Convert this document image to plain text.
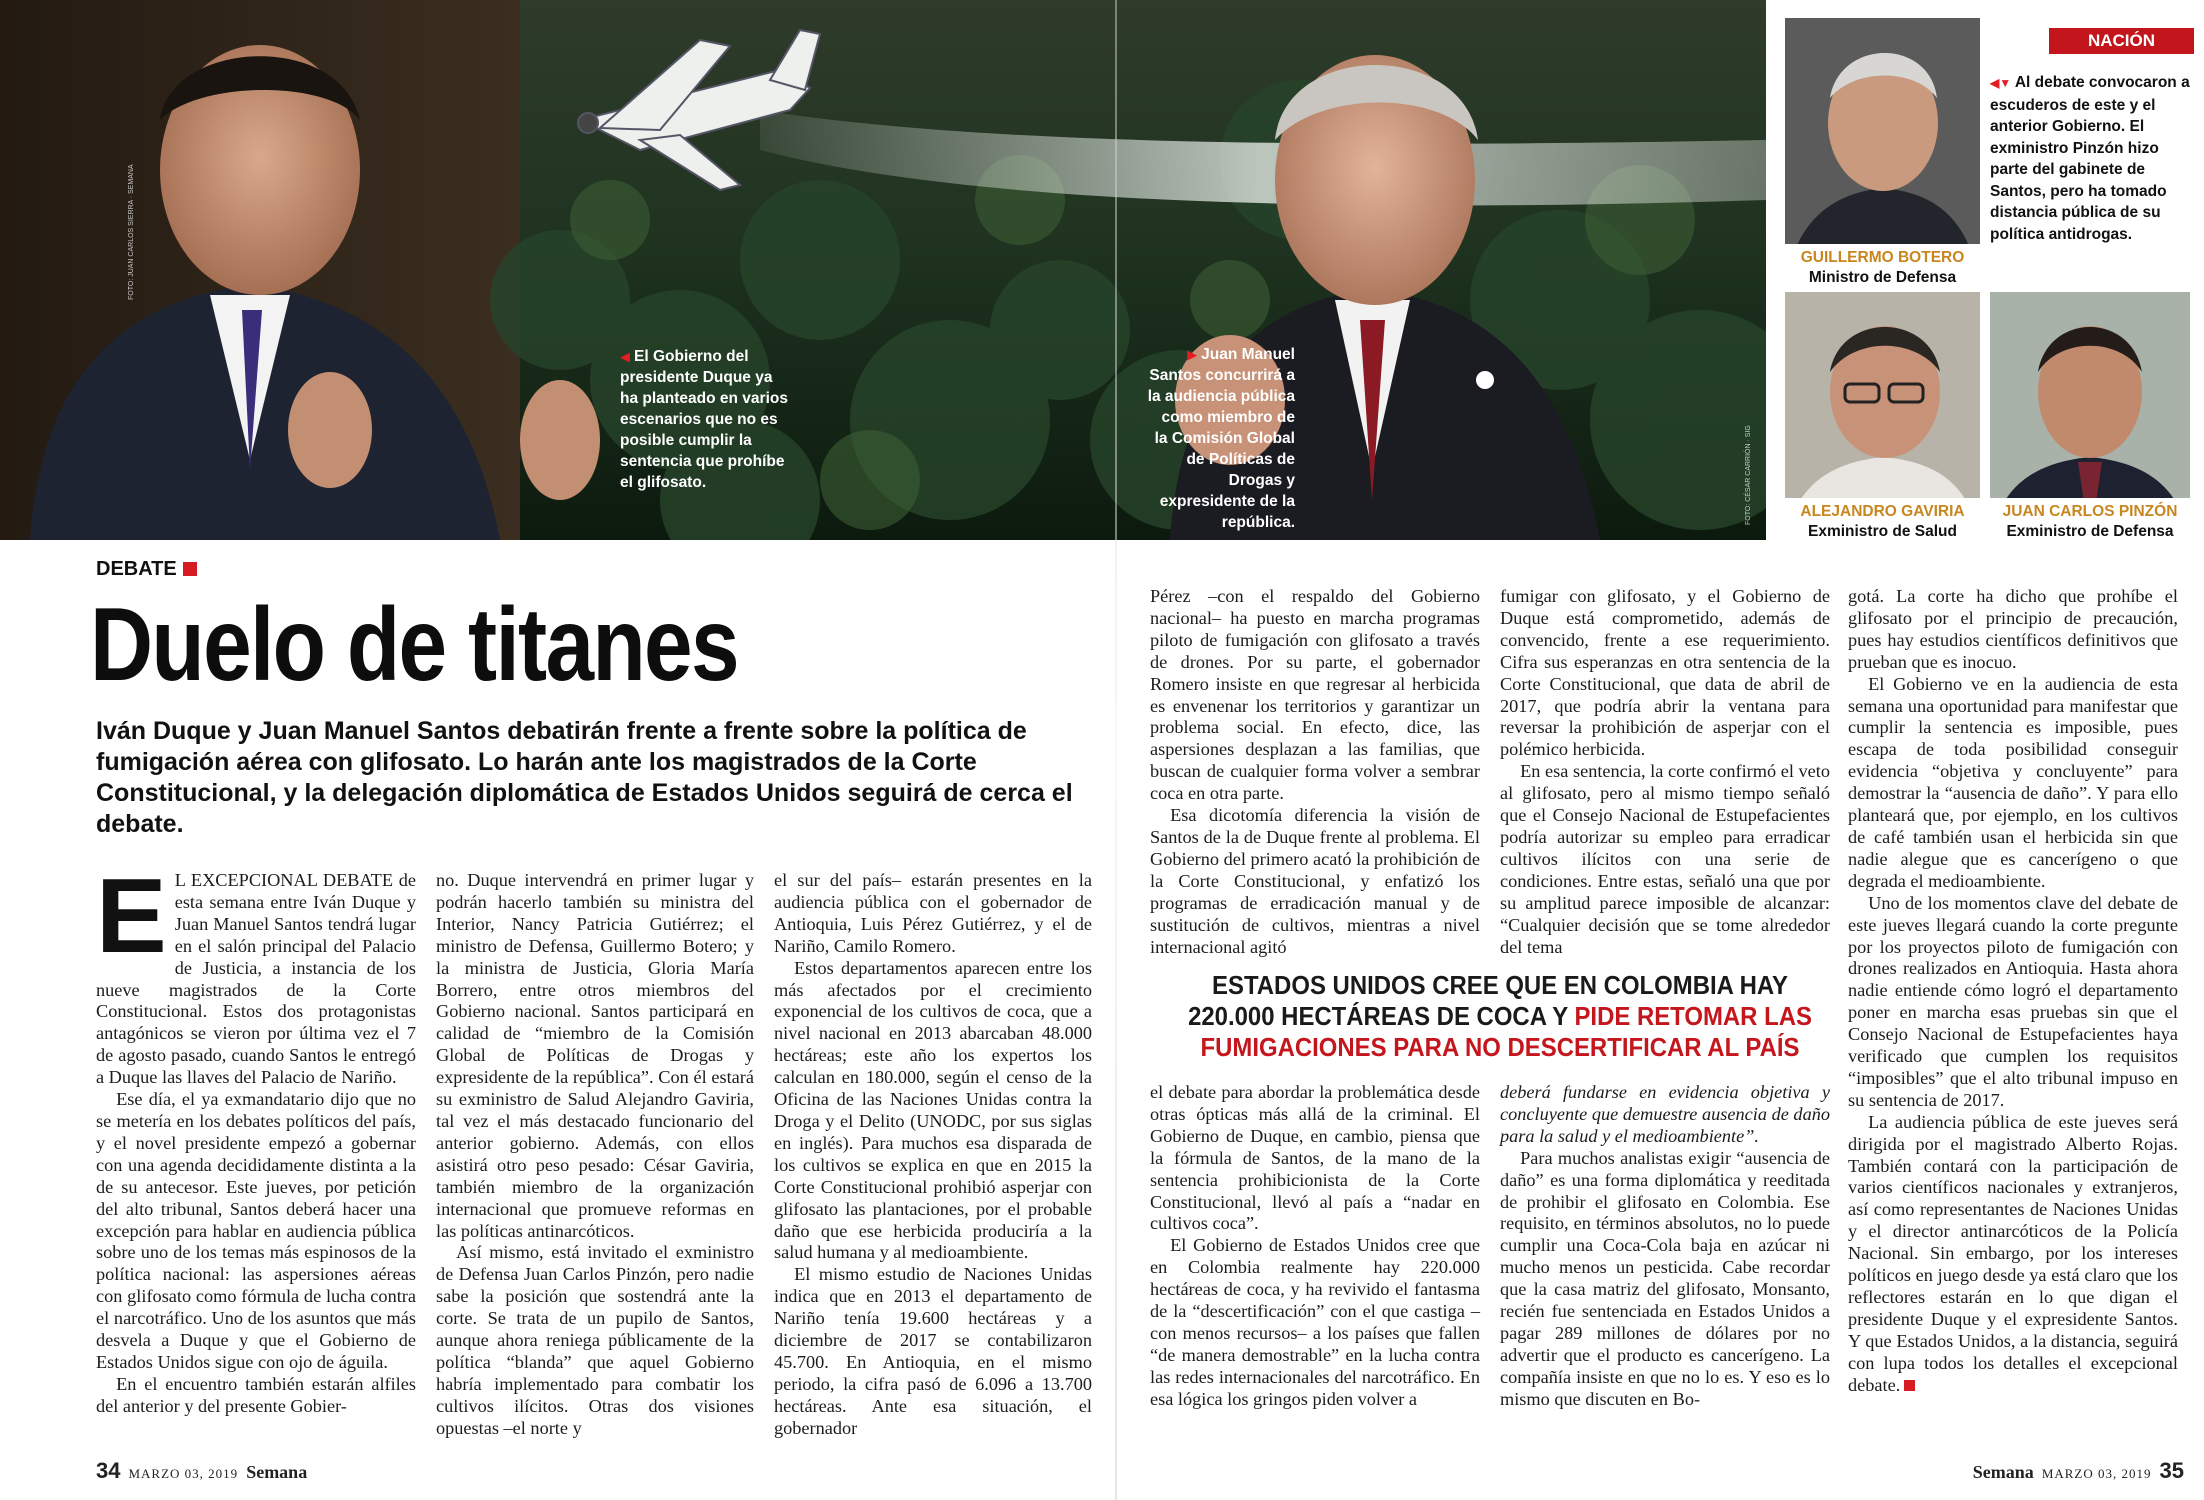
FOTO: JUAN CARLOS SIERRA · SEMANA
FOTO: CÉSAR CARRIÓN · SIG
◀ El Gobierno del presidente Duque ya ha planteado en varios escenarios que no es posible cumplir la sentencia que prohíbe el glifosato.
▶ Juan Manuel Santos concurrirá a la audiencia pública como miembro de la Comisión Global de Políticas de Drogas y expresidente de la república.
NACIÓN
GUILLERMO BOTERO
Ministro de Defensa
◀▼ Al debate convocaron a escuderos de este y el anterior Gobierno. El exministro Pinzón hizo parte del gabinete de Santos, pero ha tomado distancia pública de su política antidrogas.
ALEJANDRO GAVIRIA
Exministro de Salud
JUAN CARLOS PINZÓN
Exministro de Defensa
DEBATE
Duelo de titanes
Iván Duque y Juan Manuel Santos debatirán frente a frente sobre la política de fumigación aérea con glifosato. Lo harán ante los magistrados de la Corte Constitucional, y la delegación diplomática de Estados Unidos seguirá de cerca el debate.

E L EXCEPCIONAL DEBATE de esta semana entre Iván Duque y Juan Manuel Santos tendrá lugar en el salón principal del Palacio de Justicia, a instancia de los nueve magistrados de la Corte Constitucional. Estos dos protagonistas antagónicos se vieron por última vez el 7 de agosto pasado, cuando Santos le entregó a Duque las llaves del Palacio de Nariño.

Ese día, el ya exmandatario dijo que no se metería en los debates políticos del país, y el novel presidente empezó a gobernar con una agenda decididamente distinta a la de su antecesor. Este jueves, por petición del alto tribunal, Santos deberá hacer una excepción para hablar en audiencia pública sobre uno de los temas más espinosos de la política nacional: las aspersiones aéreas con glifosato como fórmula de lucha contra el narcotráfico. Uno de los asuntos que más desvela a Duque y que el Gobierno de Estados Unidos sigue con ojo de águila.

En el encuentro también estarán alfiles del anterior y del presente Gobier-

no. Duque intervendrá en primer lugar y podrán hacerlo también su ministra del Interior, Nancy Patricia Gutiérrez; el ministro de Defensa, Guillermo Botero; y la ministra de Justicia, Gloria María Borrero, entre otros miembros del Gobierno nacional. Santos participará en calidad de “miembro de la Comisión Global de Políticas de Drogas y expresidente de la república”. Con él estará su exministro de Salud Alejandro Gaviria, tal vez el más destacado funcionario del anterior gobierno. Además, con ellos asistirá otro peso pesado: César Gaviria, también miembro de la organización internacional que promueve reformas en las políticas antinarcóticos.

Así mismo, está invitado el exministro de Defensa Juan Carlos Pinzón, pero nadie sabe la posición que sostendrá ante la corte. Se trata de un pupilo de Santos, aunque ahora reniega públicamente de la política “blanda” que aquel Gobierno habría implementado para combatir los cultivos ilícitos. Otras dos visiones opuestas –el norte y

el sur del país– estarán presentes en la audiencia pública con el gobernador de Antioquia, Luis Pérez Gutiérrez, y el de Nariño, Camilo Romero.

Estos departamentos aparecen entre los más afectados por el crecimiento exponencial de los cultivos de coca, que a nivel nacional en 2013 abarcaban 48.000 hectáreas; este año los expertos los calculan en 180.000, según el censo de la Oficina de las Naciones Unidas contra la Droga y el Delito (UNODC, por sus siglas en inglés). Para muchos esa disparada de los cultivos se explica en que en 2015 la Corte Constitucional prohibió asperjar con glifosato las plantaciones, por el probable daño que ese herbicida produciría a la salud humana y al medioambiente.

El mismo estudio de Naciones Unidas indica que en 2013 el departamento de Nariño tenía 19.600 hectáreas y a diciembre de 2017 se contabilizaron 45.700. En Antioquia, en el mismo periodo, la cifra pasó de 6.096 a 13.700 hectáreas. Ante esa situación, el gobernador

Pérez –con el respaldo del Gobierno nacional– ha puesto en marcha programas piloto de fumigación con glifosato a través de drones. Por su parte, el gobernador Romero insiste en que regresar al herbicida es envenenar los territorios y garantizar un problema social. En efecto, dice, las aspersiones desplazan a las familias, que buscan de cualquier forma volver a sembrar coca en otra parte.

Esa dicotomía diferencia la visión de Santos de la de Duque frente al problema. El Gobierno del primero acató la prohibición de la Corte Constitucional, y enfatizó los programas de erradicación manual y de sustitución de cultivos, mientras a nivel internacional agitó

fumigar con glifosato, y el Gobierno de Duque está comprometido, además de convencido, frente a ese requerimiento. Cifra sus esperanzas en otra sentencia de la Corte Constitucional, que data de abril de 2017, que podría abrir la ventana para reversar la prohibición de asperjar con el polémico herbicida.

En esa sentencia, la corte confirmó el veto al glifosato, pero al mismo tiempo señaló que el Consejo Nacional de Estupefacientes podría autorizar su empleo para erradicar cultivos ilícitos con una serie de condiciones. Entre estas, señaló una que por su amplitud parece imposible de alcanzar: “Cualquier decisión que se tome alrededor del tema

ESTADOS UNIDOS CREE QUE EN COLOMBIA HAY 220.000 HECTÁREAS DE COCA Y PIDE RETOMAR LAS FUMIGACIONES PARA NO DESCERTIFICAR AL PAÍS

el debate para abordar la problemática desde otras ópticas más allá de la criminal. El Gobierno de Duque, en cambio, piensa que la fórmula de Santos, de la mano de la sentencia prohibicionista de la Corte Constitucional, llevó al país a “nadar en cultivos coca”.

El Gobierno de Estados Unidos cree que en Colombia realmente hay 220.000 hectáreas de coca, y ha revivido el fantasma de la “descertificación” con el que castiga –con menos recursos– a los países que fallen “de manera demostrable” en la lucha contra las redes internacionales del narcotráfico. En esa lógica los gringos piden volver a

deberá fundarse en evidencia objetiva y concluyente que demuestre ausencia de daño para la salud y el medioambiente”.

Para muchos analistas exigir “ausencia de daño” es una forma diplomática y reeditada de prohibir el glifosato en Colombia. Ese requisito, en términos absolutos, no lo puede cumplir una Coca-Cola baja en azúcar ni mucho menos un pesticida. Cabe recordar que la casa matriz del glifosato, Monsanto, recién fue sentenciada en Estados Unidos a pagar 289 millones de dólares por no advertir que el producto es cancerígeno. La compañía insiste en que no lo es. Y eso es lo mismo que discuten en Bo-

gotá. La corte ha dicho que prohíbe el glifosato por el principio de precaución, pues hay estudios científicos definitivos que prueban que es inocuo.

El Gobierno ve en la audiencia de esta semana una oportunidad para manifestar que cumplir la sentencia es imposible, pues escapa de toda posibilidad conseguir evidencia “objetiva y concluyente” para demostrar la “ausencia de daño”. Y para ello planteará que, por ejemplo, en los cultivos de café también usan el herbicida sin que nadie alegue que es cancerígeno o que degrada el medioambiente.

Uno de los momentos clave del debate de este jueves llegará cuando la corte pregunte por los proyectos piloto de fumigación con drones realizados en Antioquia. Hasta ahora nadie entiende cómo logró el departamento poner en marcha esas pruebas sin que el Consejo Nacional de Estupefacientes haya verificado que cumplen los requisitos “imposibles” que el alto tribunal impuso en su sentencia de 2017.

La audiencia pública de este jueves será dirigida por el magistrado Alberto Rojas. También contará con la participación de varios científicos nacionales y extranjeros, así como representantes de Naciones Unidas y el director antinarcóticos de la Policía Nacional. Sin embargo, por los intereses políticos en juego desde ya está claro que los reflectores estarán en lo que digan el presidente Duque y el expresidente Santos. Y que Estados Unidos, a la distancia, seguirá con lupa todos los detalles el excepcional debate.

34 MARZO 03, 2019 Semana	Semana MARZO 03, 2019 35
